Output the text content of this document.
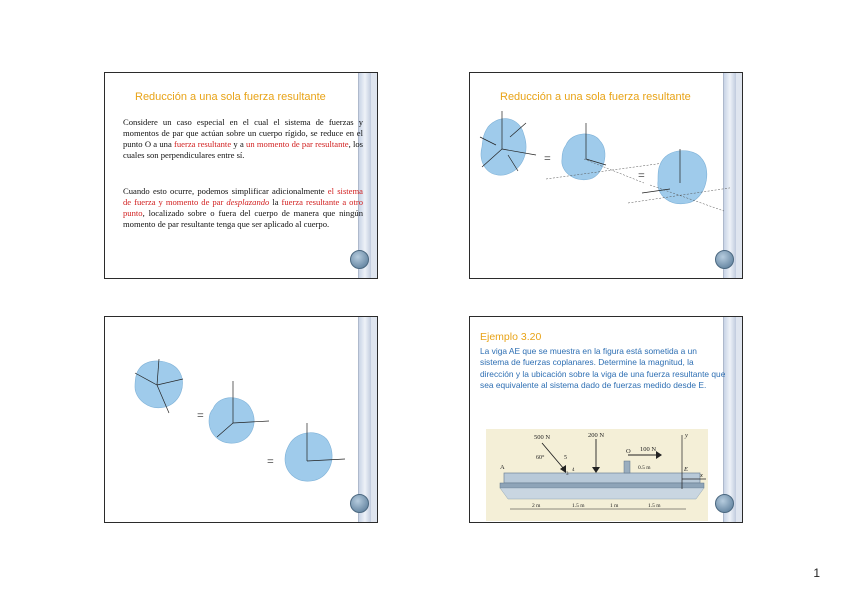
Reducción a una sola fuerza resultante
Considere un caso especial en el cual el sistema de fuerzas y momentos de par que actúan sobre un cuerpo rígido, se reduce en el punto O a una fuerza resultante y a un momento de par resultante, los cuales son perpendiculares entre sí.
Cuando esto ocurre, podemos simplificar adicionalmente el sistema de fuerza y momento de par desplazando la fuerza resultante a otro punto, localizado sobre o fuera del cuerpo de manera que ningún momento de par resultante tenga que ser aplicado al cuerpo.
Reducción a una sola fuerza resultante
=
=
=
=
Ejemplo 3.20
La viga AE que se muestra en la figura está sometida a un sistema de fuerzas coplanares. Determine la magnitud, la dirección y la ubicación sobre la viga de una fuerza resultante que sea equivalente al sistema dado de fuerzas medido desde E.
500 N	200 N
100 N
60°	5
4
3
A	E
O
y
x
0.5 m
2 m	1.5 m	1 m	1.5 m
1
